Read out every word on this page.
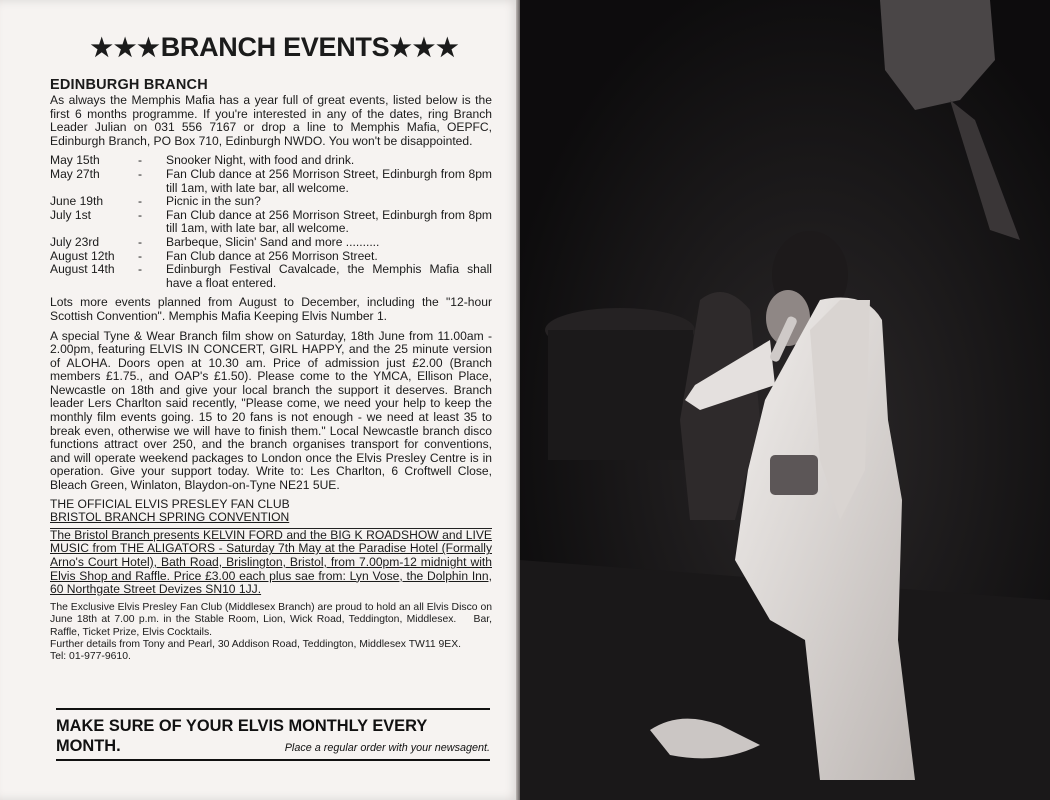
★★★BRANCH EVENTS★★★
EDINBURGH BRANCH

As always the Memphis Mafia has a year full of great events, listed below is the first 6 months programme. If you're interested in any of the dates, ring Branch Leader Julian on 031 556 7167 or drop a line to Memphis Mafia, OEPFC, Edinburgh Branch, PO Box 710, Edinburgh NWDO. You won't be disappointed.

May 15th	-	Snooker Night, with food and drink.
May 27th	-	Fan Club dance at 256 Morrison Street, Edinburgh from 8pm till 1am, with late bar, all welcome.
June 19th	-	Picnic in the sun?
July 1st	-	Fan Club dance at 256 Morrison Street, Edinburgh from 8pm till 1am, with late bar, all welcome.
July 23rd	-	Barbeque, Slicin' Sand and more ..........
August 12th	-	Fan Club dance at 256 Morrison Street.
August 14th	-	Edinburgh Festival Cavalcade, the Memphis Mafia shall have a float entered.

Lots more events planned from August to December, including the "12-hour Scottish Convention". Memphis Mafia Keeping Elvis Number 1.

A special Tyne & Wear Branch film show on Saturday, 18th June from 11.00am - 2.00pm, featuring ELVIS IN CONCERT, GIRL HAPPY, and the 25 minute version of ALOHA. Doors open at 10.30 am. Price of admission just £2.00 (Branch members £1.75., and OAP's £1.50). Please come to the YMCA, Ellison Place, Newcastle on 18th and give your local branch the support it deserves. Branch leader Lers Charlton said recently, "Please come, we need your help to keep the monthly film events going. 15 to 20 fans is not enough - we need at least 35 to break even, otherwise we will have to finish them." Local Newcastle branch disco functions attract over 250, and the branch organises transport for conventions, and will operate weekend packages to London once the Elvis Presley Centre is in operation. Give your support today. Write to: Les Charlton, 6 Croftwell Close, Bleach Green, Winlaton, Blaydon-on-Tyne NE21 5UE.

THE OFFICIAL ELVIS PRESLEY FAN CLUB

BRISTOL BRANCH SPRING CONVENTION

The Bristol Branch presents KELVIN FORD and the BIG K ROADSHOW and LIVE MUSIC from THE ALIGATORS - Saturday 7th May at the Paradise Hotel (Formally Arno's Court Hotel), Bath Road, Brislington, Bristol, from 7.00pm-12 midnight with Elvis Shop and Raffle. Price £3.00 each plus sae from: Lyn Vose, the Dolphin Inn, 60 Northgate Street Devizes SN10 1JJ.
The Exclusive Elvis Presley Fan Club (Middlesex Branch) are proud to hold an all Elvis Disco on June 18th at 7.00 p.m. in the Stable Room, Lion, Wick Road, Teddington, Middlesex.    Bar, Raffle, Ticket Prize, Elvis Cocktails.
Further details from Tony and Pearl, 30 Addison Road, Teddington, Middlesex TW11 9EX.
Tel: 01-977-9610.
MAKE SURE OF YOUR ELVIS MONTHLY EVERY
MONTH.	Place a regular order with your newsagent.
